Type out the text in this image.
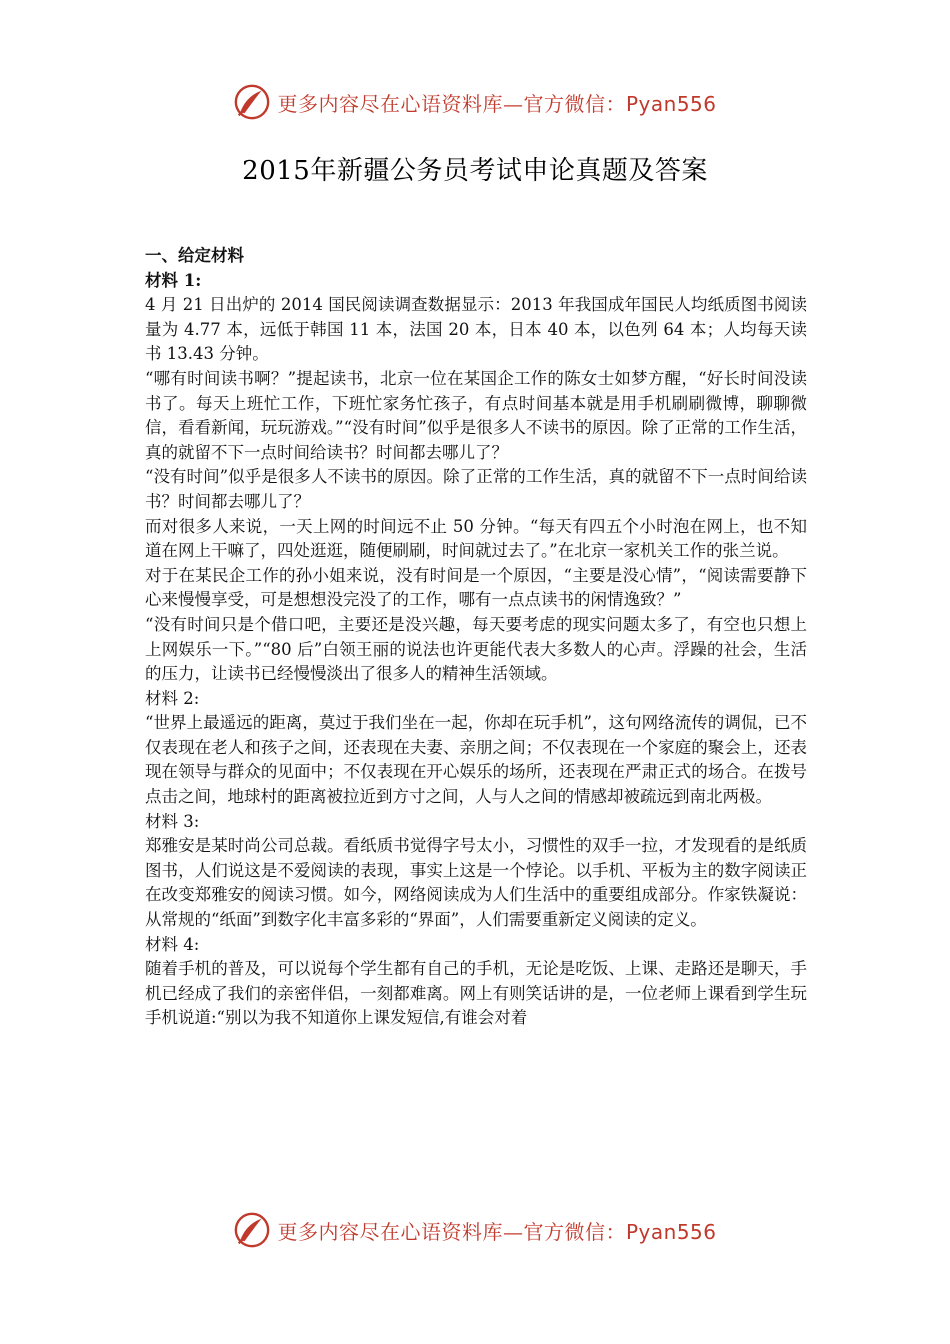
更多内容尽在心语资料库—官方微信：Pyan556
2015年新疆公务员考试申论真题及答案

一、给定材料

材料 1:

4 月 21 日出炉的 2014 国民阅读调查数据显示：2013 年我国成年国民人均纸质图书阅读量为 4.77 本，远低于韩国 11 本，法国 20 本，日本 40 本，以色列 64 本；人均每天读书 13.43 分钟。

“哪有时间读书啊？”提起读书，北京一位在某国企工作的陈女士如梦方醒，“好长时间没读书了。每天上班忙工作，下班忙家务忙孩子，有点时间基本就是用手机刷刷微博，聊聊微信，看看新闻，玩玩游戏。”“没有时间”似乎是很多人不读书的原因。除了正常的工作生活，真的就留不下一点时间给读书？时间都去哪儿了？

“没有时间”似乎是很多人不读书的原因。除了正常的工作生活，真的就留不下一点时间给读书？时间都去哪儿了？

而对很多人来说，一天上网的时间远不止 50 分钟。“每天有四五个小时泡在网上，也不知道在网上干嘛了，四处逛逛，随便刷刷，时间就过去了。”在北京一家机关工作的张兰说。

对于在某民企工作的孙小姐来说，没有时间是一个原因，“主要是没心情”，“阅读需要静下心来慢慢享受，可是想想没完没了的工作，哪有一点点读书的闲情逸致？”

“没有时间只是个借口吧，主要还是没兴趣，每天要考虑的现实问题太多了，有空也只想上上网娱乐一下。”“80 后”白领王丽的说法也许更能代表大多数人的心声。浮躁的社会，生活的压力，让读书已经慢慢淡出了很多人的精神生活领域。

材料 2:

“世界上最遥远的距离，莫过于我们坐在一起，你却在玩手机”，这句网络流传的调侃，已不仅表现在老人和孩子之间，还表现在夫妻、亲朋之间；不仅表现在一个家庭的聚会上，还表现在领导与群众的见面中；不仅表现在开心娱乐的场所，还表现在严肃正式的场合。在拨号点击之间，地球村的距离被拉近到方寸之间，人与人之间的情感却被疏远到南北两极。

材料 3:

郑雅安是某时尚公司总裁。看纸质书觉得字号太小，习惯性的双手一拉，才发现看的是纸质图书，人们说这是不爱阅读的表现，事实上这是一个悖论。以手机、平板为主的数字阅读正在改变郑雅安的阅读习惯。如今，网络阅读成为人们生活中的重要组成部分。作家铁凝说：从常规的“纸面”到数字化丰富多彩的“界面”，人们需要重新定义阅读的定义。

材料 4:

随着手机的普及，可以说每个学生都有自己的手机，无论是吃饭、上课、走路还是聊天，手机已经成了我们的亲密伴侣，一刻都难离。网上有则笑话讲的是，一位老师上课看到学生玩手机说道:“别以为我不知道你上课发短信,有谁会对着

更多内容尽在心语资料库—官方微信：Pyan556
